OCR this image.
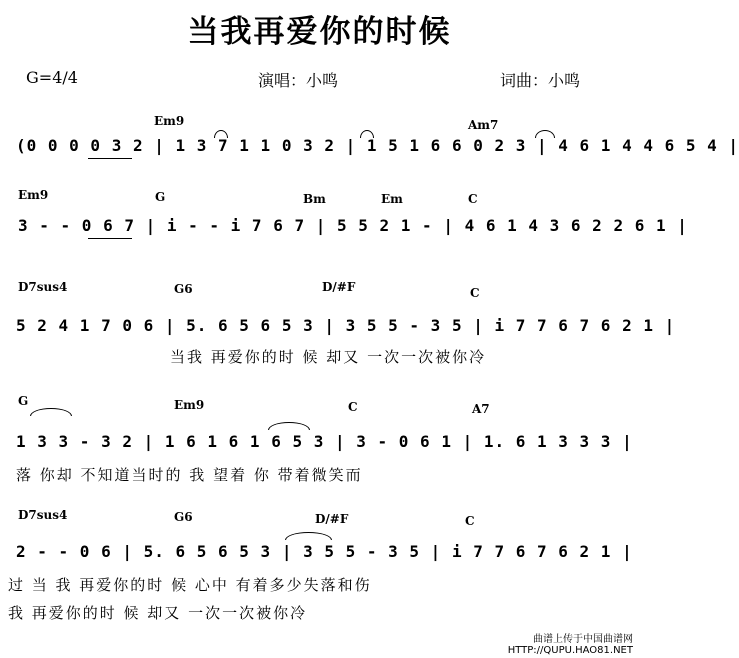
当我再爱你的时候
G=4/4	演唱：小鸣	词曲：小鸣
Em9	Am7
(0 0 0 0 3 2 | 1 3 7 1 1 0 3 2 | 1 5 1 6 6 0 2 3 | 4 6 1 4 4 6 5 4 |
Em9	G	Bm	Em	C
3 - - 0 6 7 | i - - i 7 6 7 | 5 5 2 1 - | 4 6 1 4 3 6 2 2 6 1 |
D7sus4	G6	D/#F	C
5 2 4 1 7 0 6 | 5. 6 5 6 5 3 | 3 5 5 - 3 5 | i 7 7 6 7 6 2 1 |
当我 再爱你的时 候 却又 一次一次被你冷
G	Em9	C	A7
1 3 3 - 3 2 | 1 6 1 6 1 6 5 3 | 3 - 0 6 1 | 1. 6 1 3 3 3 |
落 你却 不知道当时的 我 望着 你 带着微笑而
D7sus4	G6	D/#F	C
2 - - 0 6 | 5. 6 5 6 5 3 | 3 5 5 - 3 5 | i 7 7 6 7 6 2 1 |
过 当 我 再爱你的时 候 心中 有着多少失落和伤
我 再爱你的时 候 却又 一次一次被你冷
曲谱上传于中国曲谱网
HTTP://QUPU.HAO81.NET
